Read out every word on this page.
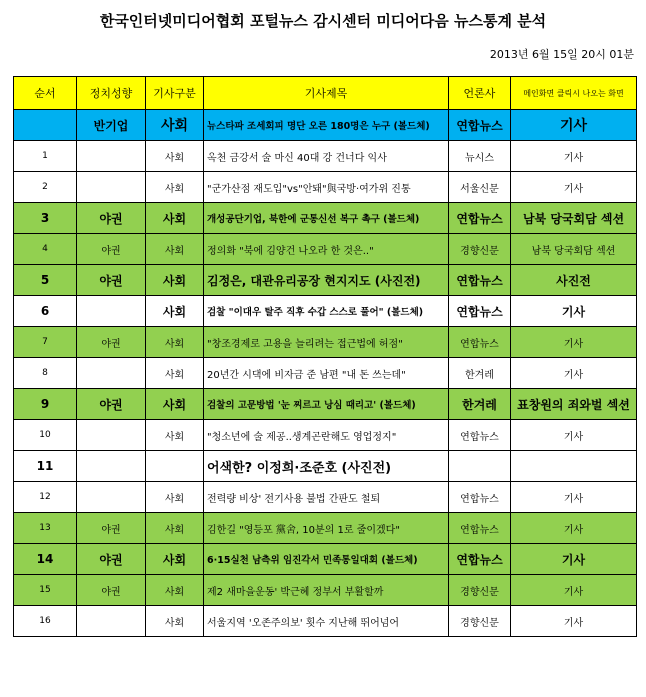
한국인터넷미디어협회 포털뉴스 감시센터 미디어다음 뉴스통계 분석
2013년 6월 15일 20시 01분
순서	정치성향	기사구분	기사제목	언론사	메인화면 클릭시 나오는 화면
	반기업	사회	뉴스타파 조세회피 명단 오른 180명은 누구 (볼드체)	연합뉴스	기사
1		사회	옥천 금강서 술 마신 40대 강 건너다 익사	뉴시스	기사
2		사회	"군가산점 재도입"vs"안돼"與국방·여가위 진통	서울신문	기사
3	야권	사회	개성공단기업, 북한에 군통신선 복구 촉구 (볼드체)	연합뉴스	남북 당국회담 섹션
4	야권	사회	정의화 "북에 김양건 나오라 한 것은.."	경향신문	남북 당국회담 섹션
5	야권	사회	김정은, 대관유리공장 현지지도 (사진전)	연합뉴스	사진전
6		사회	검찰 "이대우 탈주 직후 수갑 스스로 풀어" (볼드체)	연합뉴스	기사
7	야권	사회	"창조경제로 고용을 늘리려는 접근법에 허점"	연합뉴스	기사
8		사회	20년간 시댁에 비자금 준 남편 "내 돈 쓰는데"	한겨레	기사
9	야권	사회	검찰의 고문방법 '눈 찌르고 낭심 때리고' (볼드체)	한겨레	표창원의 죄와벌 섹션
10		사회	"청소년에 술 제공..생계곤란해도 영업정지"	연합뉴스	기사
11			어색한? 이정희·조준호 (사진전)		
12		사회	전력량 비상' 전기사용 불법 간판도 철퇴	연합뉴스	기사
13	야권	사회	김한길 "영등포 黨舍, 10분의 1로 줄이겠다"	연합뉴스	기사
14	야권	사회	6·15실천 남측위 임진각서 민족통일대회 (볼드체)	연합뉴스	기사
15	야권	사회	제2 새마을운동' 박근혜 정부서 부활할까	경향신문	기사
16		사회	서울지역 '오존주의보' 횟수 지난해 뛰어넘어	경향신문	기사
